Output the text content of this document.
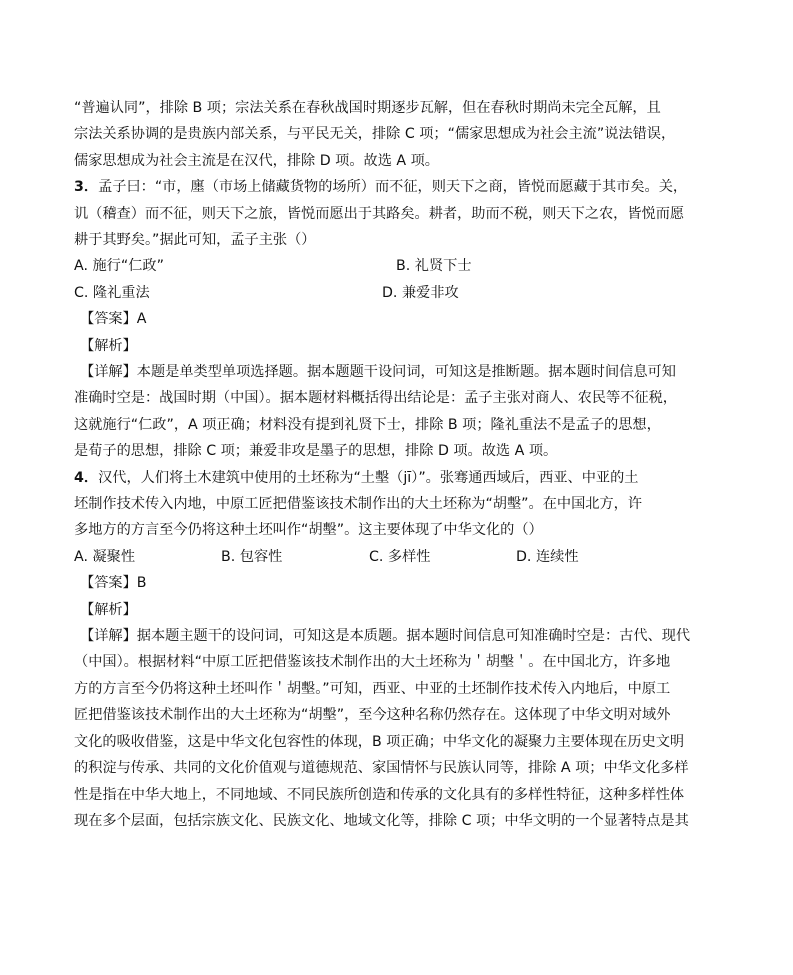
“普遍认同”，排除 B 项；宗法关系在春秋战国时期逐步瓦解，但在春秋时期尚未完全瓦解，且
宗法关系协调的是贵族内部关系，与平民无关，排除 C 项；“儒家思想成为社会主流”说法错误，
儒家思想成为社会主流是在汉代，排除 D 项。故选 A 项。
3．孟子曰：“市，廛（市场上储藏货物的场所）而不征，则天下之商，皆悦而愿藏于其市矣。关，
讥（稽查）而不征，则天下之旅，皆悦而愿出于其路矣。耕者，助而不税，则天下之农，皆悦而愿
耕于其野矣。”据此可知，孟子主张（）
A. 施行“仁政”	B. 礼贤下士
C. 隆礼重法	D. 兼爱非攻
【答案】A
【解析】
【详解】本题是单类型单项选择题。据本题题干设问词，可知这是推断题。据本题时间信息可知
准确时空是：战国时期（中国）。据本题材料概括得出结论是：孟子主张对商人、农民等不征税，
这就施行“仁政”，A 项正确；材料没有提到礼贤下士，排除 B 项；隆礼重法不是孟子的思想，
是荀子的思想，排除 C 项；兼爱非攻是墨子的思想，排除 D 项。故选 A 项。
4．汉代，人们将土木建筑中使用的土坯称为“土墼（jī）”。张骞通西域后，西亚、中亚的土
坯制作技术传入内地，中原工匠把借鉴该技术制作出的大土坯称为“胡墼”。在中国北方，许
多地方的方言至今仍将这种土坯叫作“胡墼”。这主要体现了中华文化的（）
A. 凝聚性	B. 包容性	C. 多样性	D. 连续性
【答案】B
【解析】
【详解】据本题主题干的设问词，可知这是本质题。据本题时间信息可知准确时空是：古代、现代
（中国）。根据材料“中原工匠把借鉴该技术制作出的大土坯称为＇胡墼＇。在中国北方，许多地
方的方言至今仍将这种土坯叫作＇胡墼。”可知，西亚、中亚的土坯制作技术传入内地后，中原工
匠把借鉴该技术制作出的大土坯称为“胡墼”，至今这种名称仍然存在。这体现了中华文明对域外
文化的吸收借鉴，这是中华文化包容性的体现，B 项正确；中华文化的凝聚力主要体现在历史文明
的积淀与传承、共同的文化价值观与道德规范、家国情怀与民族认同等，排除 A 项；中华文化多样
性是指在中华大地上，不同地域、不同民族所创造和传承的文化具有的多样性特征，这种多样性体
现在多个层面，包括宗族文化、民族文化、地域文化等，排除 C 项；中华文明的一个显著特点是其
